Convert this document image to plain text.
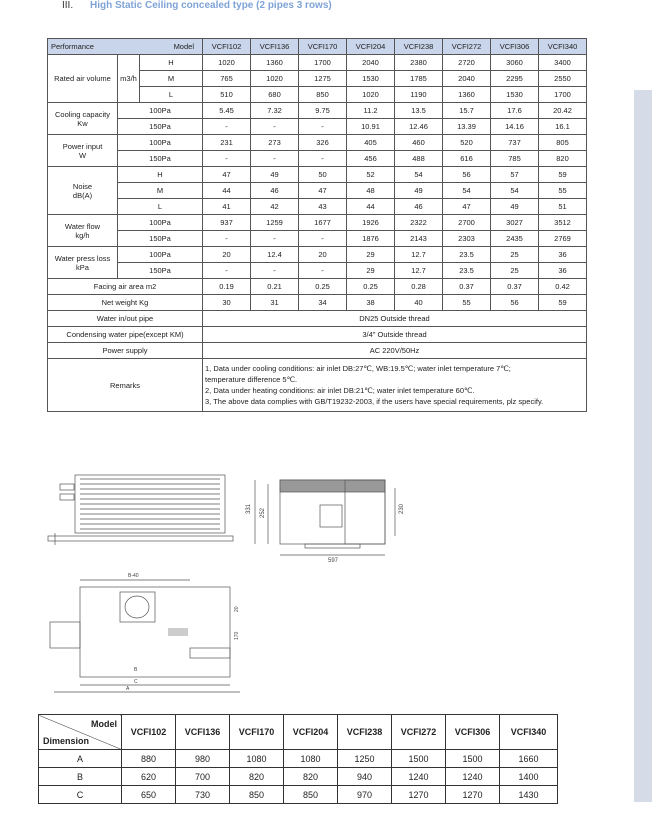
III. High Static Ceiling concealed type (2 pipes 3 rows)
Performance Model			VCFI102	VCFI136	VCFI170	VCFI204	VCFI238	VCFI272	VCFI306	VCFI340
Rated air volume	m3/h	H	1020	1360	1700	2040	2380	2720	3060	3400
		M	765	1020	1275	1530	1785	2040	2295	2550
		L	510	680	850	1020	1190	1360	1530	1700
Cooling capacity
Kw	100Pa		5.45	7.32	9.75	11.2	13.5	15.7	17.6	20.42
	150Pa		-	-	-	10.91	12.46	13.39	14.16	16.1
Power input
W	100Pa		231	273	326	405	460	520	737	805
	150Pa		-	-	-	456	488	616	785	820
Noise
dB(A)	H		47	49	50	52	54	56	57	59
	M		44	46	47	48	49	54	54	55
	L		41	42	43	44	46	47	49	51
Water flow
kg/h	100Pa		937	1259	1677	1926	2322	2700	3027	3512
	150Pa		-	-	-	1876	2143	2303	2435	2769
Water press loss
kPa	100Pa		20	12.4	20	29	12.7	23.5	25	36
	150Pa		-	-	-	29	12.7	23.5	25	36
Facing air area m2			0.19	0.21	0.25	0.25	0.28	0.37	0.37	0.42
Net weight Kg			30	31	34	38	40	55	56	59
Water in/out pipe			DN25 Outside thread							
Condensing water pipe(except KM)			3/4" Outside thread							
Power supply			AC 220V/50Hz							
Remarks			1, Data under cooling conditions: air inlet DB:27℃, WB:19.5℃; water inlet temperature 7℃;
temperature difference 5℃.
2, Data under heating conditions: air inlet DB:21℃; water inlet temperature 60℃.
3, The above data complies with GB/T19232-2003, if the users have special requirements, plz specify.							
331 252	230
597
B-40
20
170
B
C
A
Model
Dimension	VCFI102	VCFI136	VCFI170	VCFI204	VCFI238	VCFI272	VCFI306	VCFI340
A	880	980	1080	1080	1250	1500	1500	1660
B	620	700	820	820	940	1240	1240	1400
C	650	730	850	850	970	1270	1270	1430
